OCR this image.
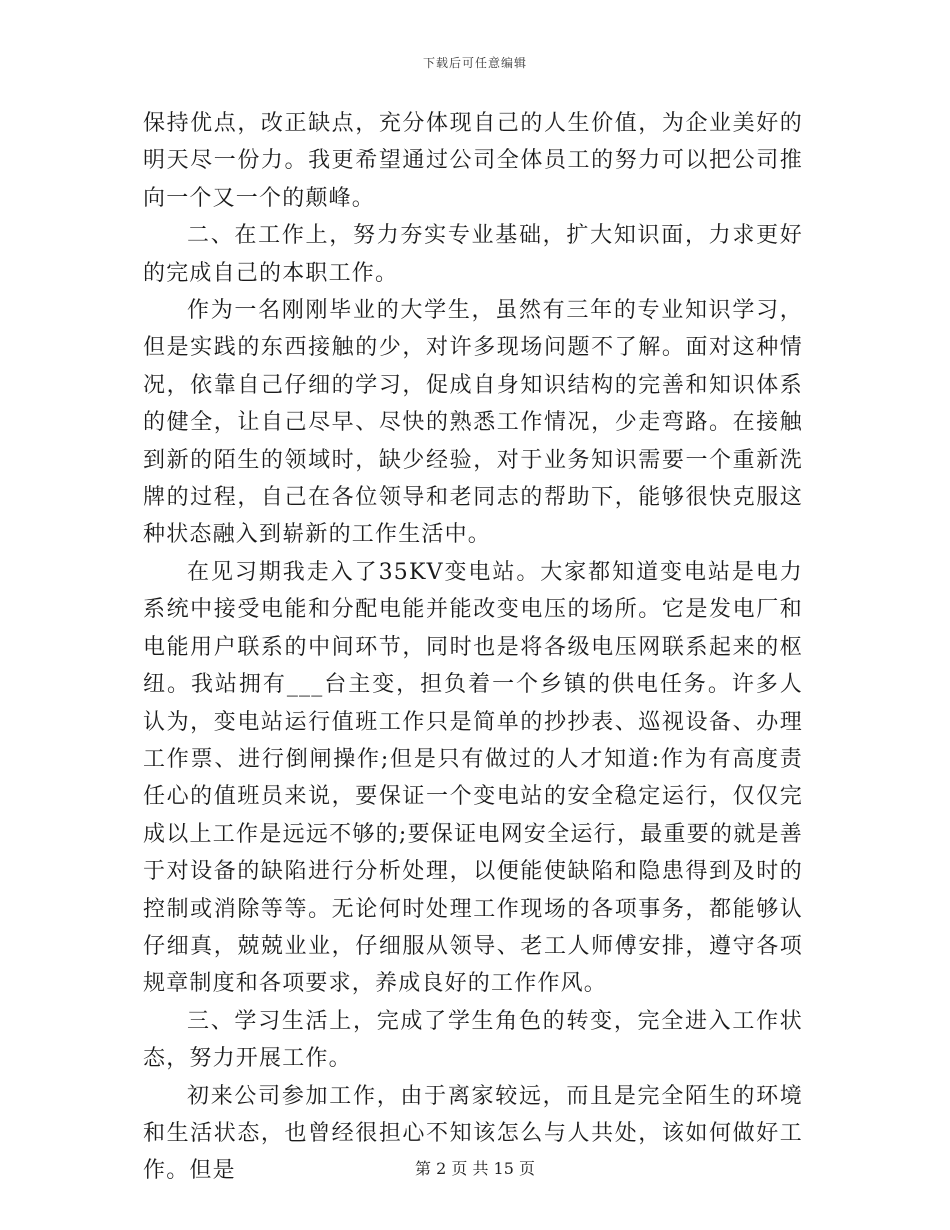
下载后可任意编辑

保持优点，改正缺点，充分体现自己的人生价值，为企业美好的明天尽一份力。我更希望通过公司全体员工的努力可以把公司推向一个又一个的颠峰。

二、在工作上，努力夯实专业基础，扩大知识面，力求更好的完成自己的本职工作。

作为一名刚刚毕业的大学生，虽然有三年的专业知识学习，但是实践的东西接触的少，对许多现场问题不了解。面对这种情况，依靠自己仔细的学习，促成自身知识结构的完善和知识体系的健全，让自己尽早、尽快的熟悉工作情况，少走弯路。在接触到新的陌生的领域时，缺少经验，对于业务知识需要一个重新洗牌的过程，自己在各位领导和老同志的帮助下，能够很快克服这种状态融入到崭新的工作生活中。

在见习期我走入了35KV变电站。大家都知道变电站是电力系统中接受电能和分配电能并能改变电压的场所。它是发电厂和电能用户联系的中间环节，同时也是将各级电压网联系起来的枢纽。我站拥有___台主变，担负着一个乡镇的供电任务。许多人认为，变电站运行值班工作只是简单的抄抄表、巡视设备、办理工作票、进行倒闸操作;但是只有做过的人才知道:作为有高度责任心的值班员来说，要保证一个变电站的安全稳定运行，仅仅完成以上工作是远远不够的;要保证电网安全运行，最重要的就是善于对设备的缺陷进行分析处理，以便能使缺陷和隐患得到及时的控制或消除等等。无论何时处理工作现场的各项事务，都能够认仔细真，兢兢业业，仔细服从领导、老工人师傅安排，遵守各项规章制度和各项要求，养成良好的工作作风。

三、学习生活上，完成了学生角色的转变，完全进入工作状态，努力开展工作。

初来公司参加工作，由于离家较远，而且是完全陌生的环境和生活状态，也曾经很担心不知该怎么与人共处，该如何做好工作。但是	第 2 页 共 15 页
